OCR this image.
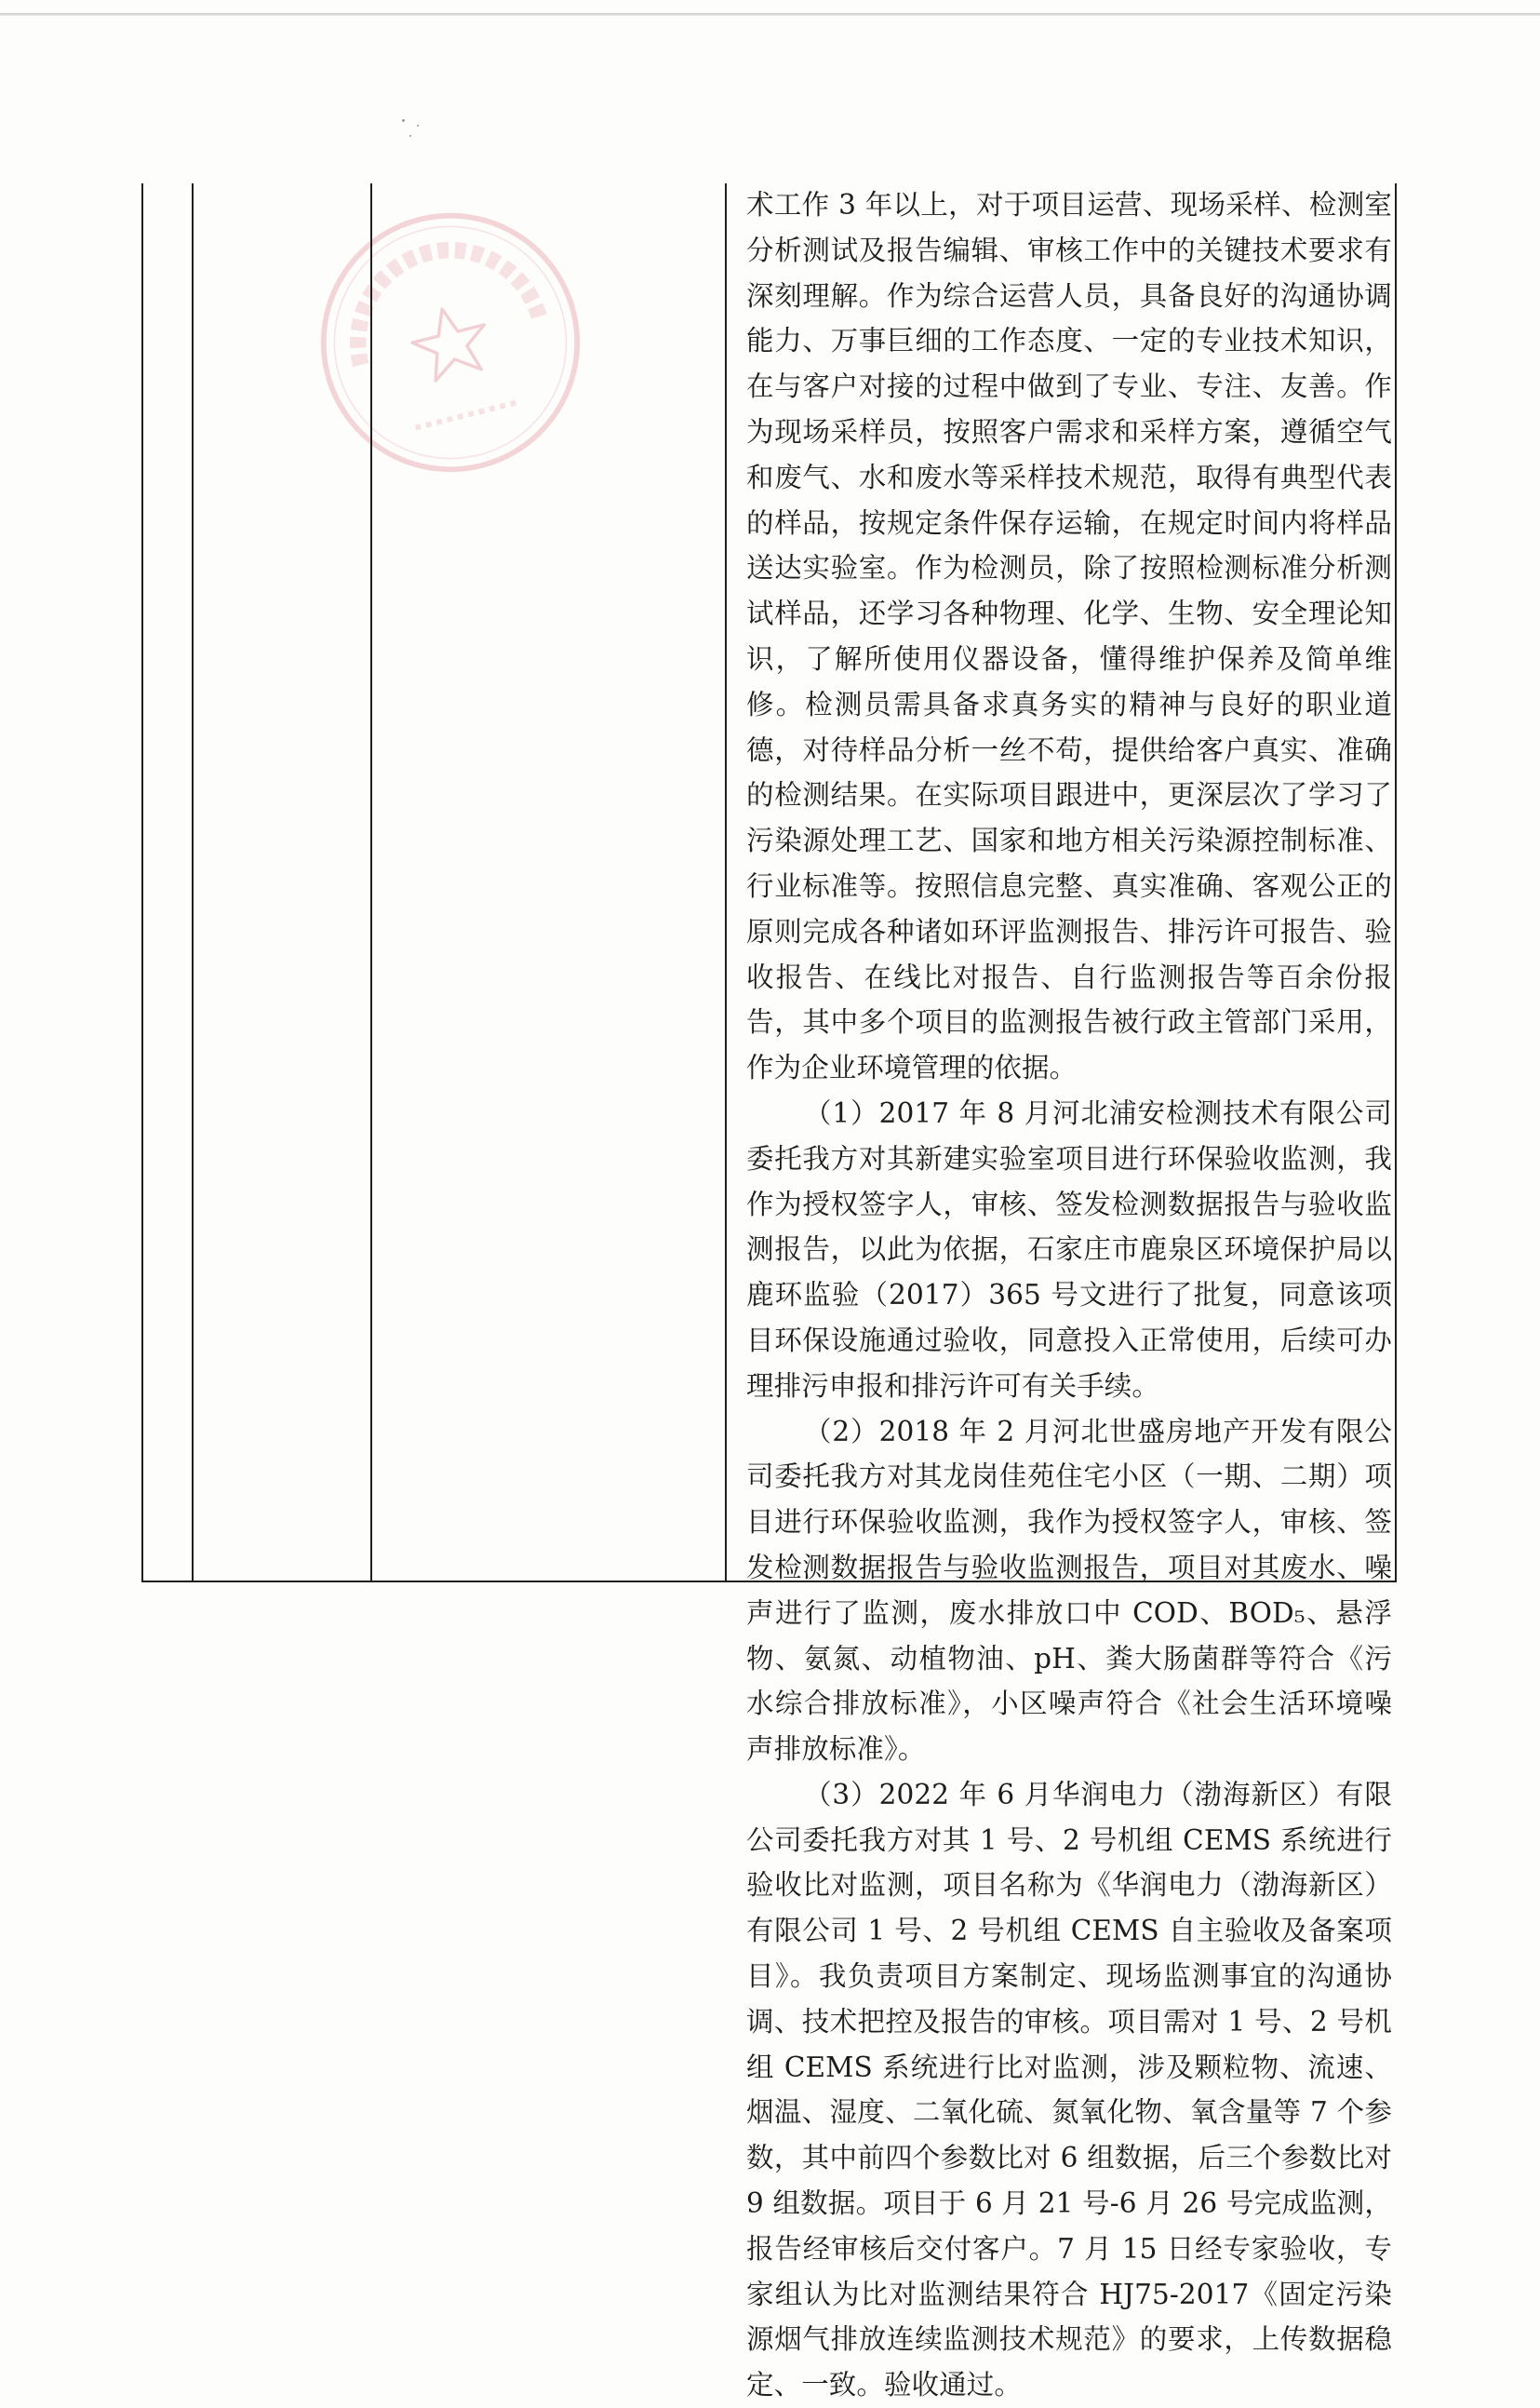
术工作 3 年以上，对于项目运营、现场采样、检测室分析测试及报告编辑、审核工作中的关键技术要求有深刻理解。作为综合运营人员，具备良好的沟通协调能力、万事巨细的工作态度、一定的专业技术知识，在与客户对接的过程中做到了专业、专注、友善。作为现场采样员，按照客户需求和采样方案，遵循空气和废气、水和废水等采样技术规范，取得有典型代表的样品，按规定条件保存运输，在规定时间内将样品送达实验室。作为检测员，除了按照检测标准分析测试样品，还学习各种物理、化学、生物、安全理论知识，了解所使用仪器设备，懂得维护保养及简单维修。检测员需具备求真务实的精神与良好的职业道德，对待样品分析一丝不苟，提供给客户真实、准确的检测结果。在实际项目跟进中，更深层次了学习了污染源处理工艺、国家和地方相关污染源控制标准、行业标准等。按照信息完整、真实准确、客观公正的原则完成各种诸如环评监测报告、排污许可报告、验收报告、在线比对报告、自行监测报告等百余份报告，其中多个项目的监测报告被行政主管部门采用，作为企业环境管理的依据。

（1）2017 年 8 月河北浦安检测技术有限公司委托我方对其新建实验室项目进行环保验收监测，我作为授权签字人，审核、签发检测数据报告与验收监测报告，以此为依据，石家庄市鹿泉区环境保护局以鹿环监验（2017）365 号文进行了批复，同意该项目环保设施通过验收，同意投入正常使用，后续可办理排污申报和排污许可有关手续。

（2）2018 年 2 月河北世盛房地产开发有限公司委托我方对其龙岗佳苑住宅小区（一期、二期）项目进行环保验收监测，我作为授权签字人，审核、签发检测数据报告与验收监测报告，项目对其废水、噪声进行了监测，废水排放口中 COD、BOD₅、悬浮物、氨氮、动植物油、pH、粪大肠菌群等符合《污水综合排放标准》，小区噪声符合《社会生活环境噪声排放标准》。

（3）2022 年 6 月华润电力（渤海新区）有限公司委托我方对其 1 号、2 号机组 CEMS 系统进行验收比对监测，项目名称为《华润电力（渤海新区）有限公司 1 号、2 号机组 CEMS 自主验收及备案项目》。我负责项目方案制定、现场监测事宜的沟通协调、技术把控及报告的审核。项目需对 1 号、2 号机组 CEMS 系统进行比对监测，涉及颗粒物、流速、烟温、湿度、二氧化硫、氮氧化物、氧含量等 7 个参数，其中前四个参数比对 6 组数据，后三个参数比对 9 组数据。项目于 6 月 21 号-6 月 26 号完成监测，报告经审核后交付客户。7 月 15 日经专家验收，专家组认为比对监测结果符合 HJ75-2017《固定污染源烟气排放连续监测技术规范》的要求，上传数据稳定、一致。验收通过。
